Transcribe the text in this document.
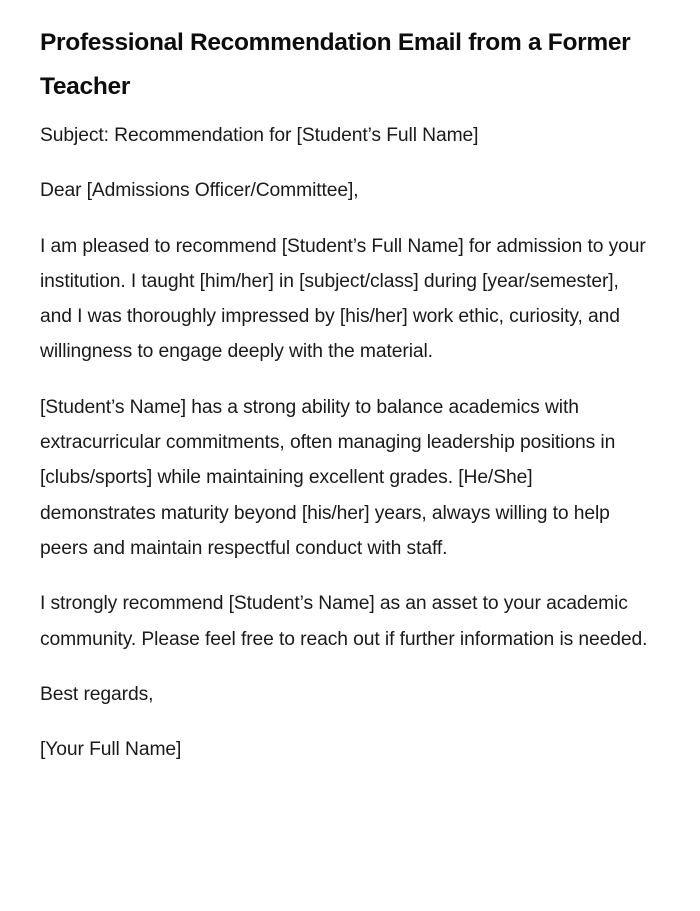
Professional Recommendation Email from a Former Teacher

Subject: Recommendation for [Student’s Full Name]

Dear [Admissions Officer/Committee],

I am pleased to recommend [Student’s Full Name] for admission to your institution. I taught [him/her] in [subject/class] during [year/semester], and I was thoroughly impressed by [his/her] work ethic, curiosity, and willingness to engage deeply with the material.

[Student’s Name] has a strong ability to balance academics with extracurricular commitments, often managing leadership positions in [clubs/sports] while maintaining excellent grades. [He/She] demonstrates maturity beyond [his/her] years, always willing to help peers and maintain respectful conduct with staff.

I strongly recommend [Student’s Name] as an asset to your academic community. Please feel free to reach out if further information is needed.

Best regards,

[Your Full Name]
